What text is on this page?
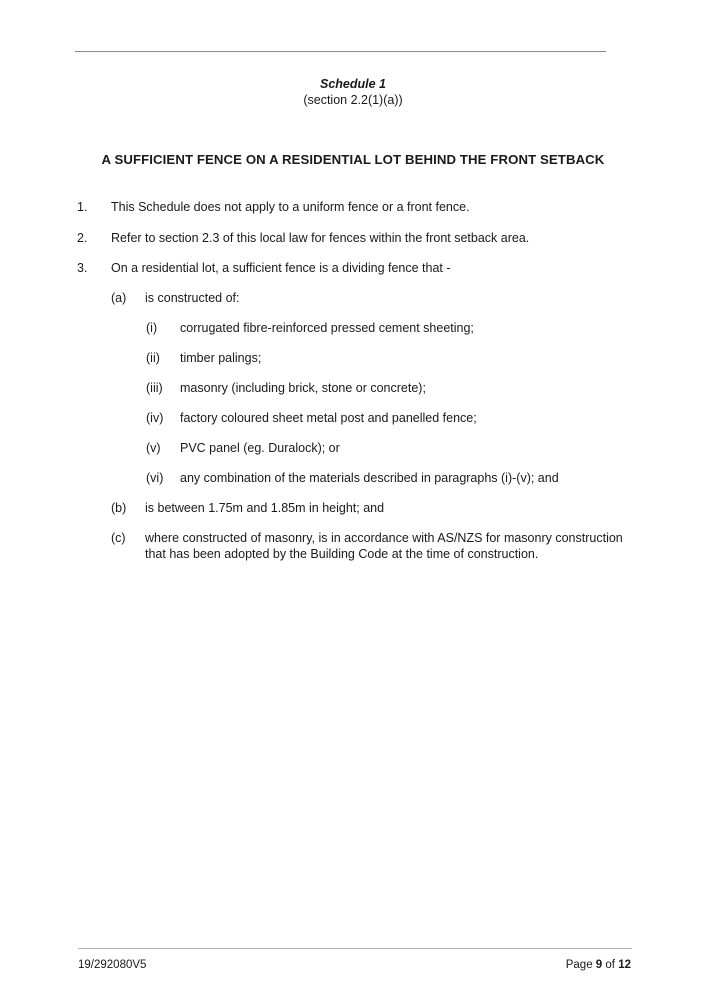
Schedule 1
(section 2.2(1)(a))
A SUFFICIENT FENCE ON A RESIDENTIAL LOT BEHIND THE FRONT SETBACK
1. This Schedule does not apply to a uniform fence or a front fence.
2. Refer to section 2.3 of this local law for fences within the front setback area.
3. On a residential lot, a sufficient fence is a dividing fence that -
(a) is constructed of:
(i) corrugated fibre-reinforced pressed cement sheeting;
(ii) timber palings;
(iii) masonry (including brick, stone or concrete);
(iv) factory coloured sheet metal post and panelled fence;
(v) PVC panel (eg. Duralock); or
(vi) any combination of the materials described in paragraphs (i)-(v); and
(b) is between 1.75m and 1.85m in height; and
(c) where constructed of masonry, is in accordance with AS/NZS for masonry construction that has been adopted by the Building Code at the time of construction.
19/292080V5	Page 9 of 12
